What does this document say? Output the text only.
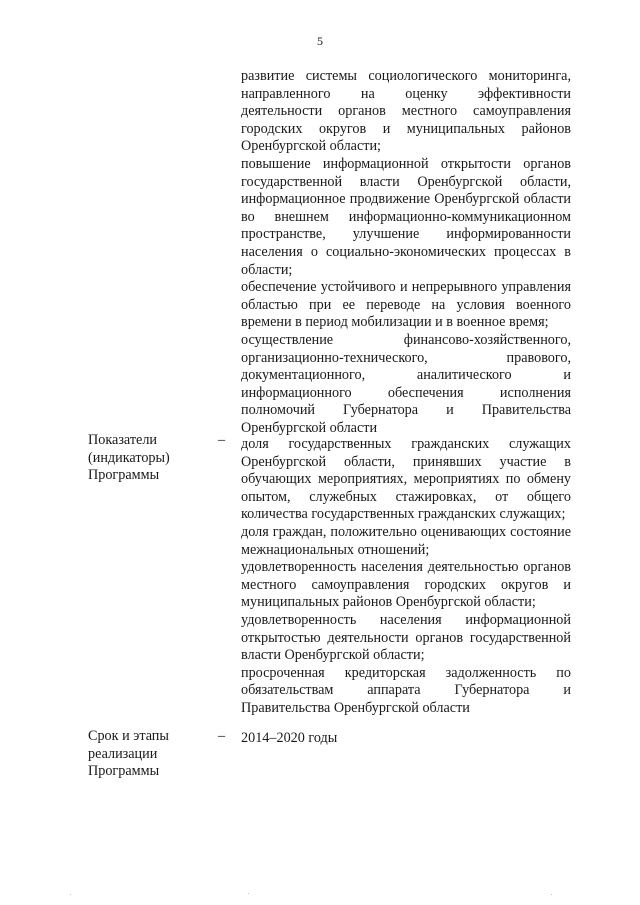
5

развитие системы социологического мониторинга, направленного на оценку эффективности деятельности органов местного самоуправления городских округов и муниципальных районов Оренбургской области;

повышение информационной открытости органов государственной власти Оренбургской области, информационное продвижение Оренбургской области во внешнем информационно-коммуникационном пространстве, улучшение информированности населения о социально-экономических процессах в области;

обеспечение устойчивого и непрерывного управления областью при ее переводе на условия военного времени в период мобилизации и в военное время;

осуществление финансово-хозяйственного, организационно-технического, правового, документационного, аналитического и информационного обеспечения исполнения полномочий Губернатора и Правительства Оренбургской области

Показатели (индикаторы) Программы
– доля государственных гражданских служащих Оренбургской области, принявших участие в обучающих мероприятиях, мероприятиях по обмену опытом, служебных стажировках, от общего количества государственных гражданских служащих;

доля граждан, положительно оценивающих состояние межнациональных отношений;

удовлетворенность населения деятельностью органов местного самоуправления городских округов и муниципальных районов Оренбургской области;

удовлетворенность населения информационной открытостью деятельности органов государственной власти Оренбургской области;

просроченная кредиторская задолженность по обязательствам аппарата Губернатора и Правительства Оренбургской области

Срок и этапы реализации Программы
– 2014–2020 годы
